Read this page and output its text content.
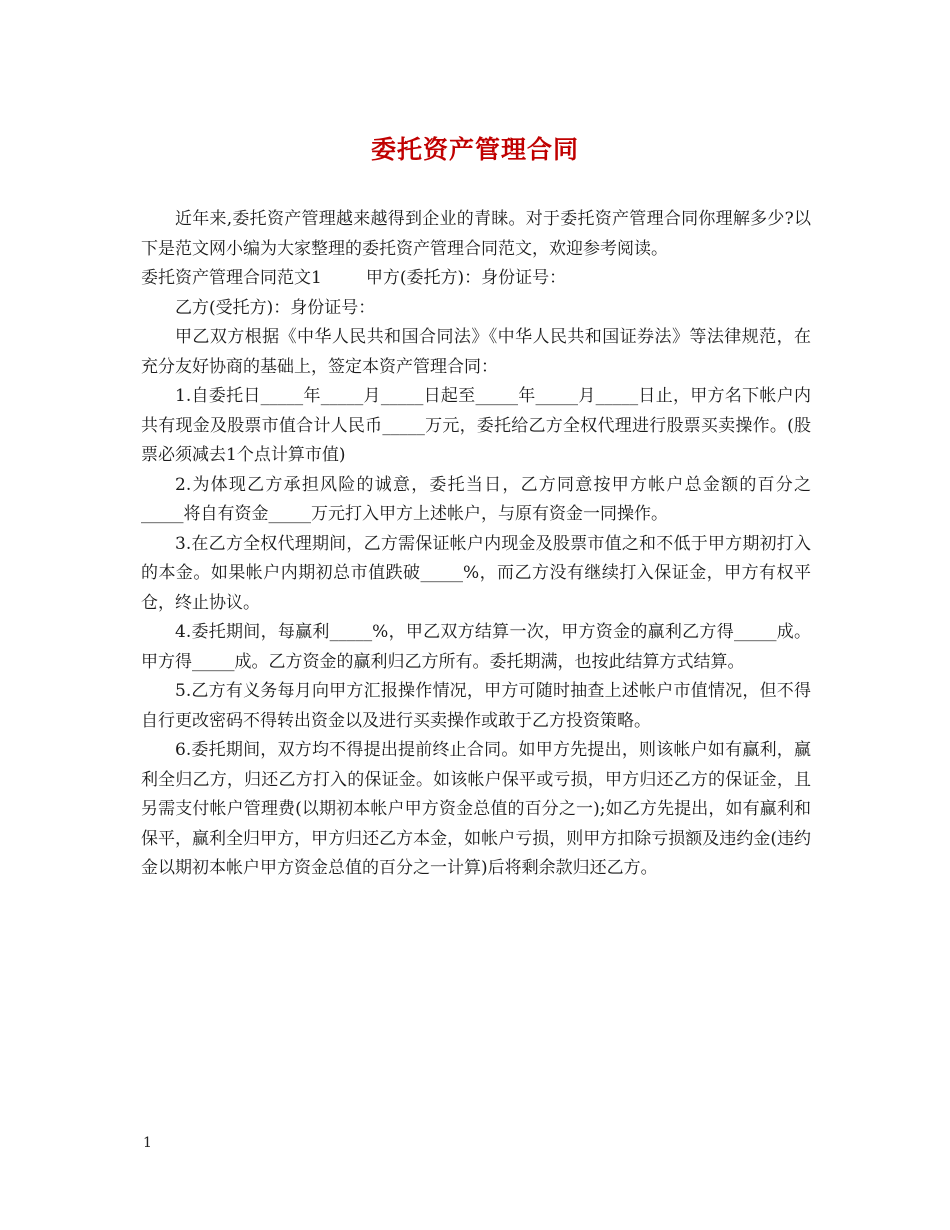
委托资产管理合同

近年来,委托资产管理越来越得到企业的青睐。对于委托资产管理合同你理解多少?以下是范文网小编为大家整理的委托资产管理合同范文，欢迎参考阅读。

委托资产管理合同范文1	甲方(委托方)：身份证号：

乙方(受托方)：身份证号：

甲乙双方根据《中华人民共和国合同法》《中华人民共和国证券法》等法律规范，在充分友好协商的基础上，签定本资产管理合同：

1.自委托日_____年_____月_____日起至_____年_____月_____日止，甲方名下帐户内共有现金及股票市值合计人民币_____万元，委托给乙方全权代理进行股票买卖操作。(股票必须减去1个点计算市值)

2.为体现乙方承担风险的诚意，委托当日，乙方同意按甲方帐户总金额的百分之_____将自有资金_____万元打入甲方上述帐户，与原有资金一同操作。

3.在乙方全权代理期间，乙方需保证帐户内现金及股票市值之和不低于甲方期初打入的本金。如果帐户内期初总市值跌破_____%，而乙方没有继续打入保证金，甲方有权平仓，终止协议。

4.委托期间，每赢利_____%，甲乙双方结算一次，甲方资金的赢利乙方得_____成。甲方得_____成。乙方资金的赢利归乙方所有。委托期满，也按此结算方式结算。

5.乙方有义务每月向甲方汇报操作情况，甲方可随时抽查上述帐户市值情况，但不得自行更改密码不得转出资金以及进行买卖操作或敢于乙方投资策略。

6.委托期间，双方均不得提出提前终止合同。如甲方先提出，则该帐户如有赢利，赢利全归乙方，归还乙方打入的保证金。如该帐户保平或亏损，甲方归还乙方的保证金，且另需支付帐户管理费(以期初本帐户甲方资金总值的百分之一);如乙方先提出，如有赢利和保平，赢利全归甲方，甲方归还乙方本金，如帐户亏损，则甲方扣除亏损额及违约金(违约金以期初本帐户甲方资金总值的百分之一计算)后将剩余款归还乙方。

1
